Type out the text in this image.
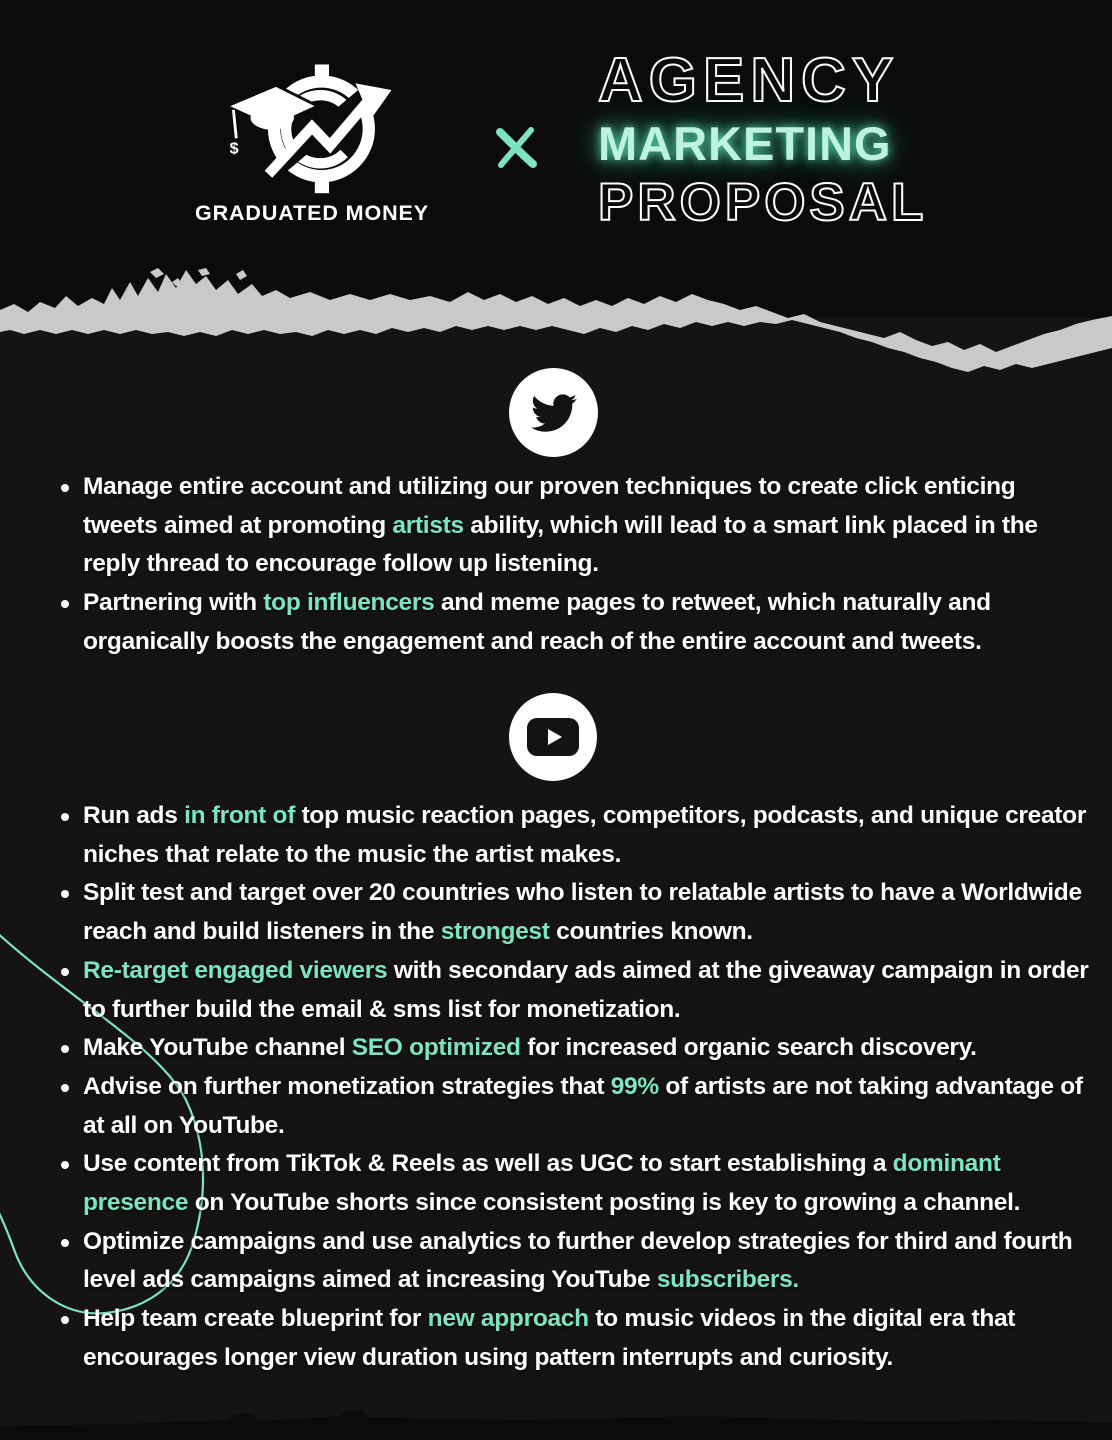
$
GRADUATED MONEY
AGENCY
MARKETING
PROPOSAL
Manage entire account and utilizing our proven techniques to create click enticing tweets aimed at promoting artists ability, which will lead to a smart link placed in the reply thread to encourage follow up listening.
Partnering with top influencers and meme pages to retweet, which naturally and organically boosts the engagement and reach of the entire account and tweets.
Run ads in front of top music reaction pages, competitors, podcasts, and unique creator niches that relate to the music the artist makes.
Split test and target over 20 countries who listen to relatable artists to have a Worldwide reach and build listeners in the strongest countries known.
Re-target engaged viewers with secondary ads aimed at the giveaway campaign in order to further build the email & sms list for monetization.
Make YouTube channel SEO optimized for increased organic search discovery.
Advise on further monetization strategies that 99% of artists are not taking advantage of at all on YouTube.
Use content from TikTok & Reels as well as UGC to start establishing a dominant presence on YouTube shorts since consistent posting is key to growing a channel.
Optimize campaigns and use analytics to further develop strategies for third and fourth level ads campaigns aimed at increasing YouTube subscribers.
Help team create blueprint for new approach to music videos in the digital era that encourages longer view duration using pattern interrupts and curiosity.
